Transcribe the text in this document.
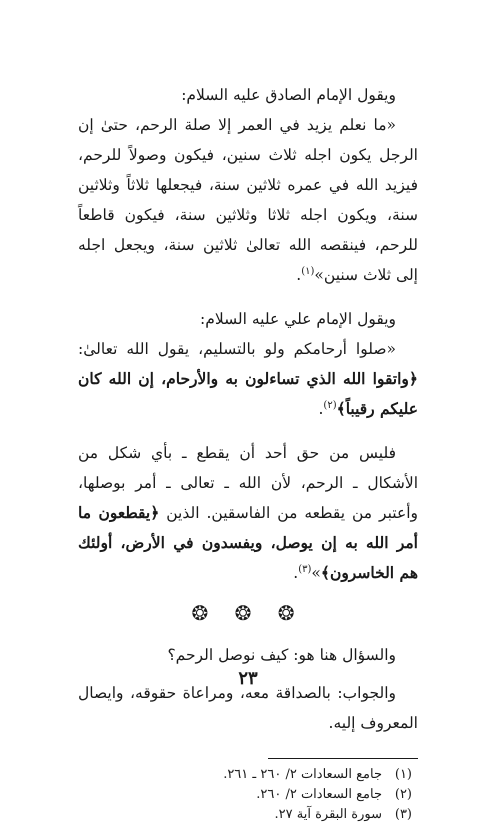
ويقول الإمام الصادق عليه السلام:

«ما نعلم يزيد في العمر إلا صلة الرحم، حتىٰ إن الرجل يكون اجله ثلاث سنين، فيكون وصولاً للرحم، فيزيد الله في عمره ثلاثين سنة، فيجعلها ثلاثاً وثلاثين سنة، ويكون اجله ثلاثا وثلاثين سنة، فيكون قاطعاً للرحم، فينقصه الله تعالىٰ ثلاثين سنة، ويجعل اجله إلى ثلاث سنين»$^{(١)}$.

ويقول الإمام علي عليه السلام:

«صلوا أرحامكم ولو بالتسليم، يقول الله تعالىٰ: ﴿واتقوا الله الذي تساءلون به والأرحام، إن الله كان عليكم رقيباً﴾$^{(٢)}$.

فليس من حق أحد أن يقطع ـ بأي شكل من الأشكال ـ الرحم، لأن الله ـ تعالى ـ أمر بوصلها، وأعتبر من يقطعه من الفاسقين. الذين ﴿يقطعون ما أمر الله به إن يوصل، ويفسدون في الأرض، أولئك هم الخاسرون﴾»$^{(٣)}$.

❂ ❂ ❂

والسؤال هنا هو: كيف نوصل الرحم؟

والجواب: بالصداقة معه، ومراعاة حقوقه، وايصال المعروف إليه.

(١)جامع السعادات ٢/ ٢٦٠ ـ ٢٦١.
(٢)جامع السعادات ٢/ ٢٦٠.
(٣)سورة البقرة آية ٢٧.
٢٣
